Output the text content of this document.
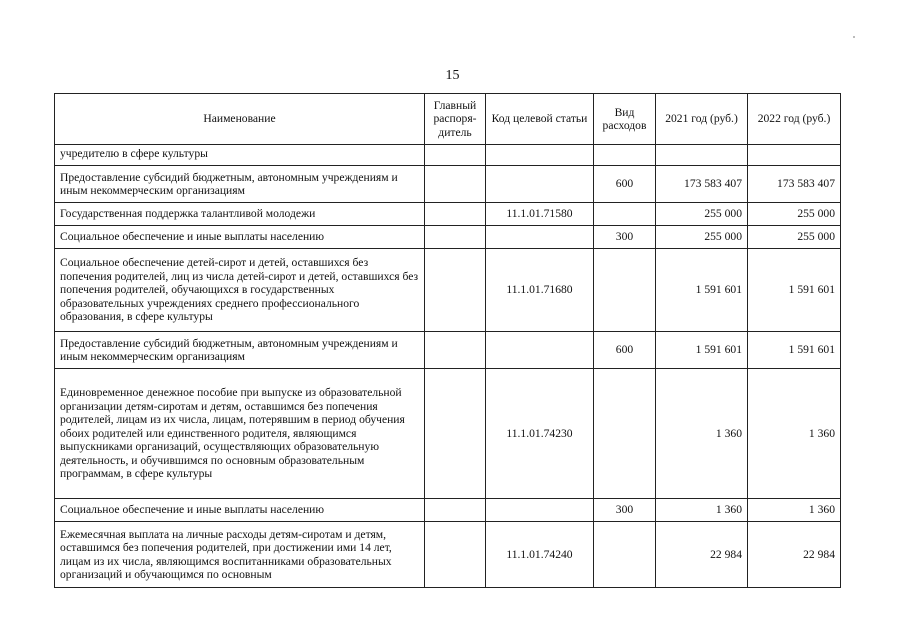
15
Наименование	Главный распоря-дитель	Код целевой статьи	Вид расходов	2021 год (руб.)	2022 год (руб.)
учредителю в сфере культуры					
Предоставление субсидий бюджетным, автономным учреждениям и иным некоммерческим организациям			600	173 583 407	173 583 407
Государственная поддержка талантливой молодежи		11.1.01.71580		255 000	255 000
Социальное обеспечение и иные выплаты населению			300	255 000	255 000
Социальное обеспечение детей-сирот и детей, оставшихся без попечения родителей, лиц из числа детей-сирот и детей, оставшихся без попечения родителей, обучающихся в государственных образовательных учреждениях среднего профессионального образования, в сфере культуры		11.1.01.71680		1 591 601	1 591 601
Предоставление субсидий бюджетным, автономным учреждениям и иным некоммерческим организациям			600	1 591 601	1 591 601
Единовременное денежное пособие при выпуске из образовательной организации детям-сиротам и детям, оставшимся без попечения родителей, лицам из их числа, лицам, потерявшим в период обучения обоих родителей или единственного родителя, являющимся выпускниками организаций, осуществляющих образовательную деятельность, и обучившимся по основным образовательным программам, в сфере культуры		11.1.01.74230		1 360	1 360
Социальное обеспечение и иные выплаты населению			300	1 360	1 360
Ежемесячная выплата на личные расходы детям-сиротам и детям, оставшимся без попечения родителей, при достижении ими 14 лет, лицам из их числа, являющимся воспитанниками образовательных организаций и обучающимся по основным		11.1.01.74240		22 984	22 984
